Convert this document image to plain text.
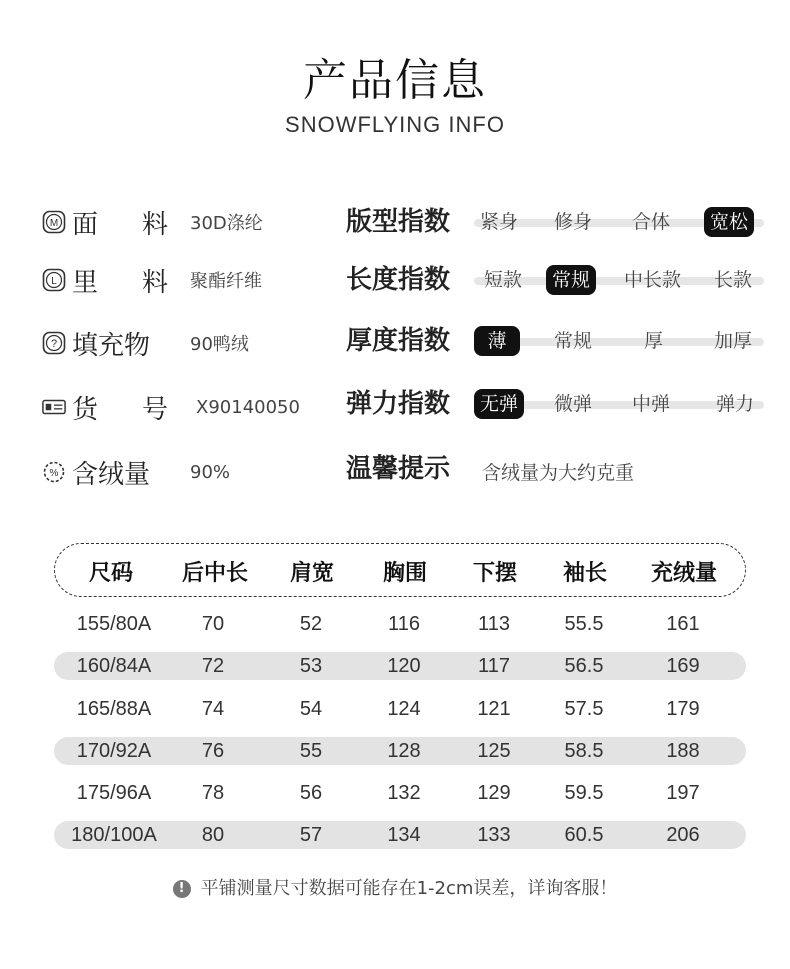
产品信息
SNOWFLYING INFO
M 面 料 30D涤纶
L 里 料 聚酯纤维
? 填充物	90鸭绒
货 号 X90140050
% 含绒量	90%
版型指数	紧身	修身	合体	宽松
长度指数	短款	常规	中长款	长款
厚度指数	薄	常规	厚	加厚
弹力指数	无弹	微弹	中弹	弹力
温馨提示 含绒量为大约克重
尺码 后中长 肩宽 胸围 下摆 袖长 充绒量
155/80A	70	52	116	113	55.5	161
160/84A	72	53	120	117	56.5	169
165/88A	74	54	124	121	57.5	179
170/92A	76	55	128	125	58.5	188
175/96A	78	56	132	129	59.5	197
180/100A 80	57	134	133	60.5	206
! 平铺测量尺寸数据可能存在1-2cm误差，详询客服！
